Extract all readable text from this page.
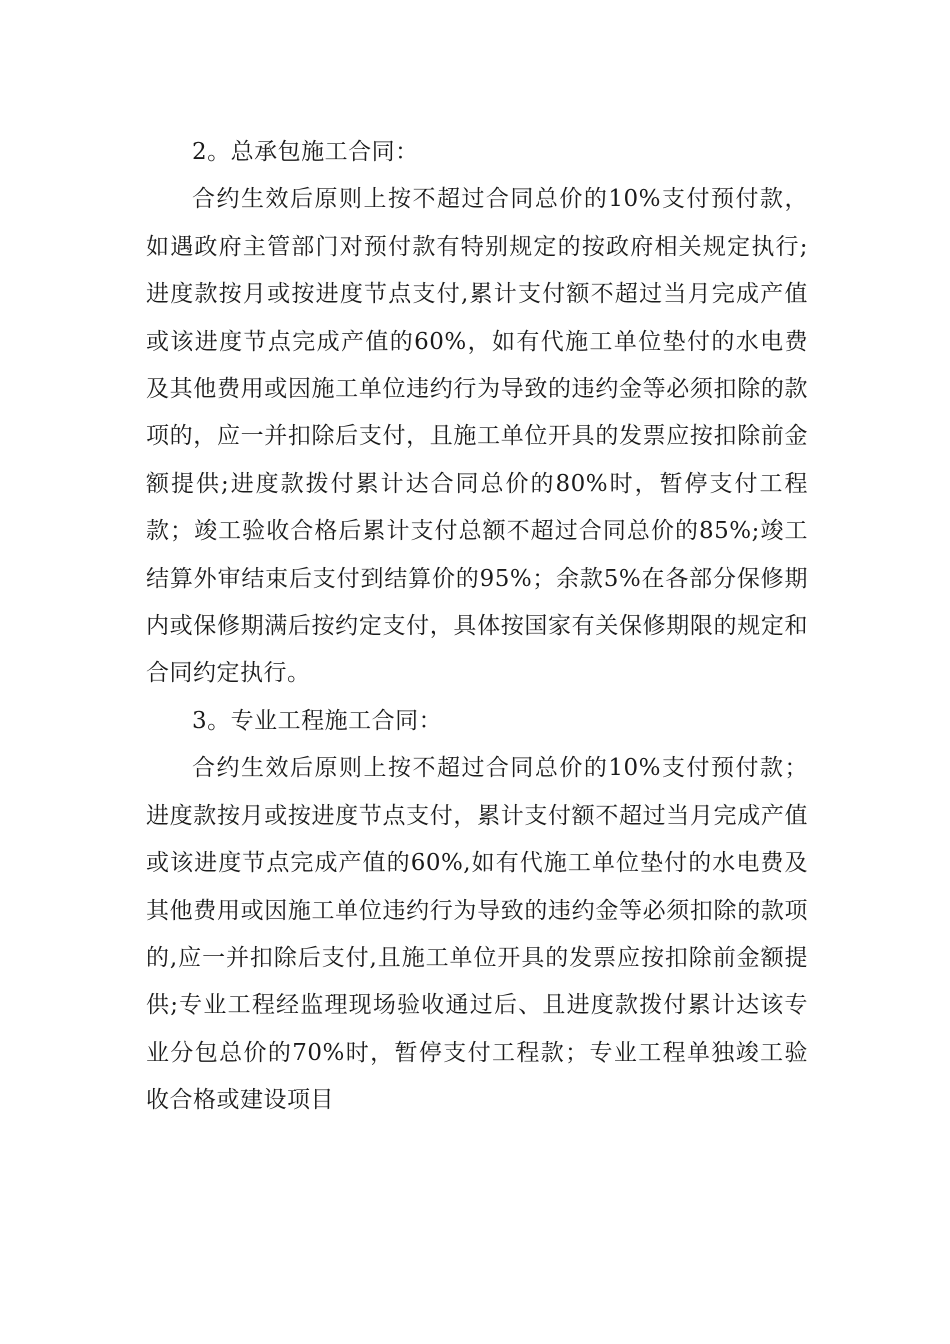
2。总承包施工合同：

合约生效后原则上按不超过合同总价的10%支付预付款，如遇政府主管部门对预付款有特别规定的按政府相关规定执行;进度款按月或按进度节点支付,累计支付额不超过当月完成产值或该进度节点完成产值的60%，如有代施工单位垫付的水电费及其他费用或因施工单位违约行为导致的违约金等必须扣除的款项的，应一并扣除后支付，且施工单位开具的发票应按扣除前金额提供;进度款拨付累计达合同总价的80%时，暂停支付工程款；竣工验收合格后累计支付总额不超过合同总价的85%;竣工结算外审结束后支付到结算价的95%；余款5%在各部分保修期内或保修期满后按约定支付，具体按国家有关保修期限的规定和合同约定执行。

3。专业工程施工合同：

合约生效后原则上按不超过合同总价的10%支付预付款；进度款按月或按进度节点支付，累计支付额不超过当月完成产值或该进度节点完成产值的60%,如有代施工单位垫付的水电费及其他费用或因施工单位违约行为导致的违约金等必须扣除的款项的,应一并扣除后支付,且施工单位开具的发票应按扣除前金额提供;专业工程经监理现场验收通过后、且进度款拨付累计达该专业分包总价的70%时，暂停支付工程款；专业工程单独竣工验收合格或建设项目
